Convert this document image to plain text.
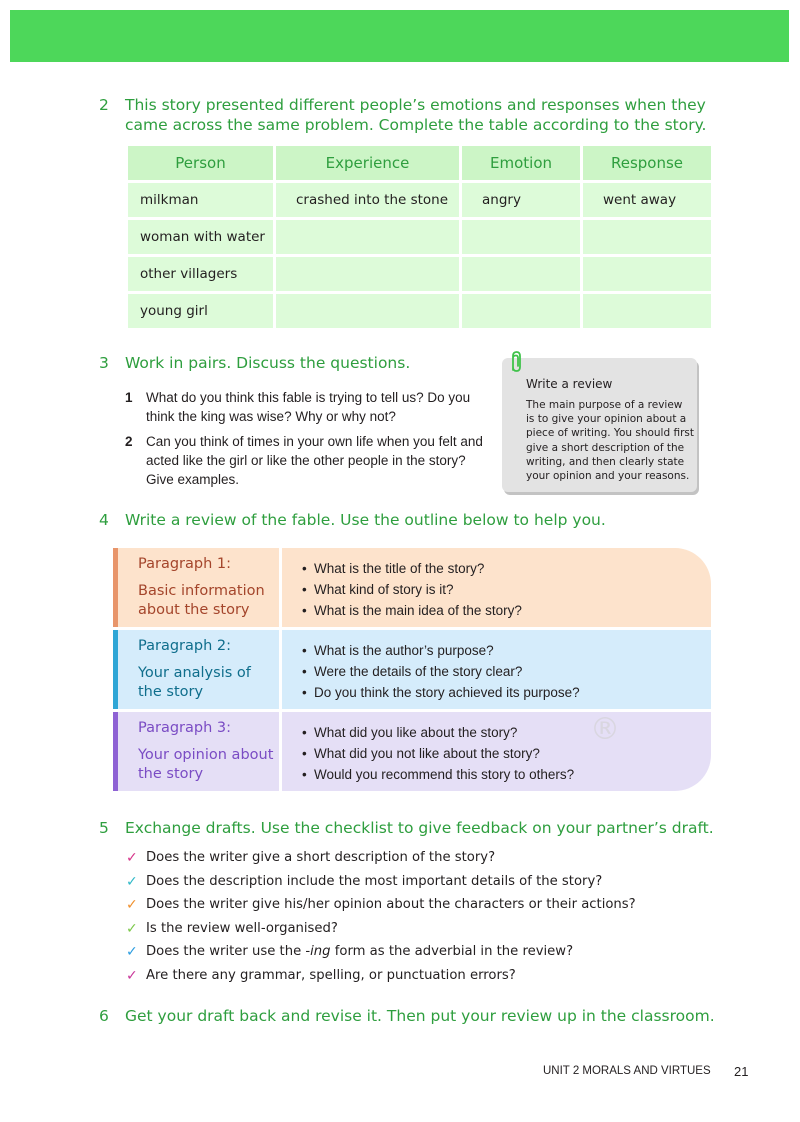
2 This story presented different people’s emotions and responses when they came across the same problem. Complete the table according to the story.
Person	Experience	Emotion	Response
milkman	crashed into the stone	angry	went away
woman with water
other villagers
young girl
3 Work in pairs. Discuss the questions.
1 What do you think this fable is trying to tell us? Do you think the king was wise? Why or why not?
2 Can you think of times in your own life when you felt and acted like the girl or like the other people in the story? Give examples.
Write a review
The main purpose of a review is to give your opinion about a piece of writing. You should first give a short description of the writing, and then clearly state your opinion and your reasons.
4 Write a review of the fable. Use the outline below to help you.
Paragraph 1:
Basic information about the story
• What is the title of the story?
• What kind of story is it?
• What is the main idea of the story?
Paragraph 2:
Your analysis of the story
• What is the author’s purpose?
• Were the details of the story clear?
• Do you think the story achieved its purpose?
Paragraph 3:
Your opinion about the story
• What did you like about the story?
• What did you not like about the story?
• Would you recommend this story to others?
®
5 Exchange drafts. Use the checklist to give feedback on your partner’s draft.
✓ Does the writer give a short description of the story?
✓ Does the description include the most important details of the story?
✓ Does the writer give his/her opinion about the characters or their actions?
✓ Is the review well-organised?
✓ Does the writer use the -ing form as the adverbial in the review?
✓ Are there any grammar, spelling, or punctuation errors?
6 Get your draft back and revise it. Then put your review up in the classroom.
UNIT 2 MORALS AND VIRTUES 21
